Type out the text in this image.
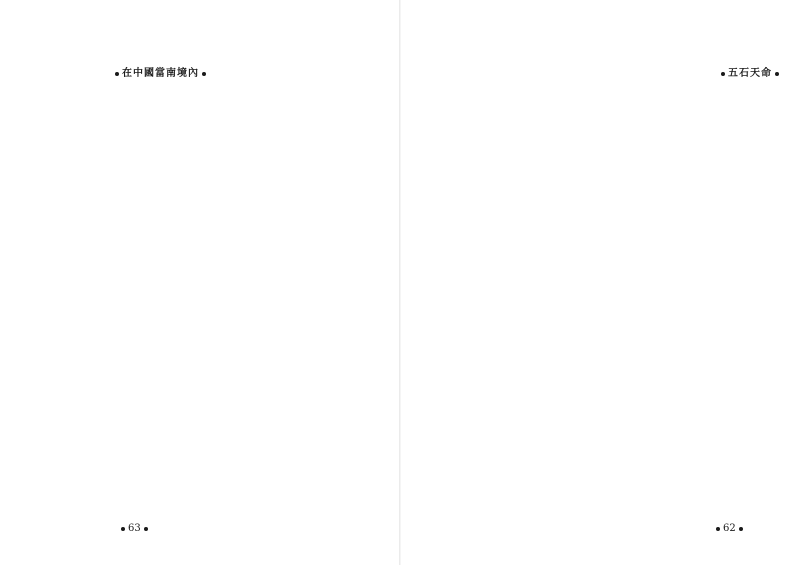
在中國當南境內
63
五石天命
62
